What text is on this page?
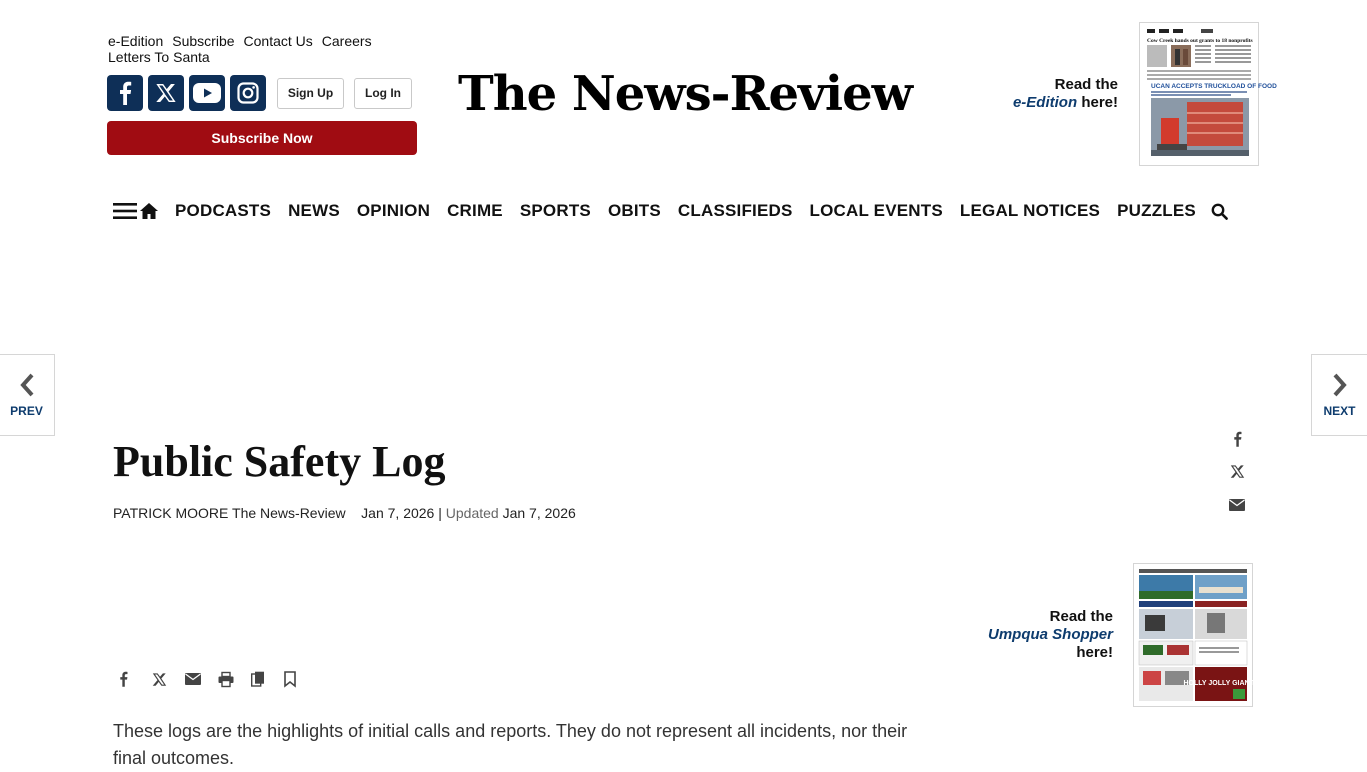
e-Edition Subscribe Contact Us Careers
Letters To Santa
Sign Up	Log In
Subscribe Now
The News-Review	Read the
e-Edition here!
Cow Creek hands out grants to 18 nonprofits
UCAN ACCEPTS TRUCKLOAD OF FOOD
PODCASTS NEWS OPINION CRIME SPORTS OBITS CLASSIFIEDS LOCAL EVENTS LEGAL NOTICES PUZZLES
PREV	NEXT
Public Safety Log
PATRICK MOORE The News-Review Jan 7, 2026 | Updated Jan 7, 2026
Read the
Umpqua Shopper
here!
HOLLY JOLLY GIANTS

These logs are the highlights of initial calls and reports. They do not represent all incidents, nor their final outcomes.
